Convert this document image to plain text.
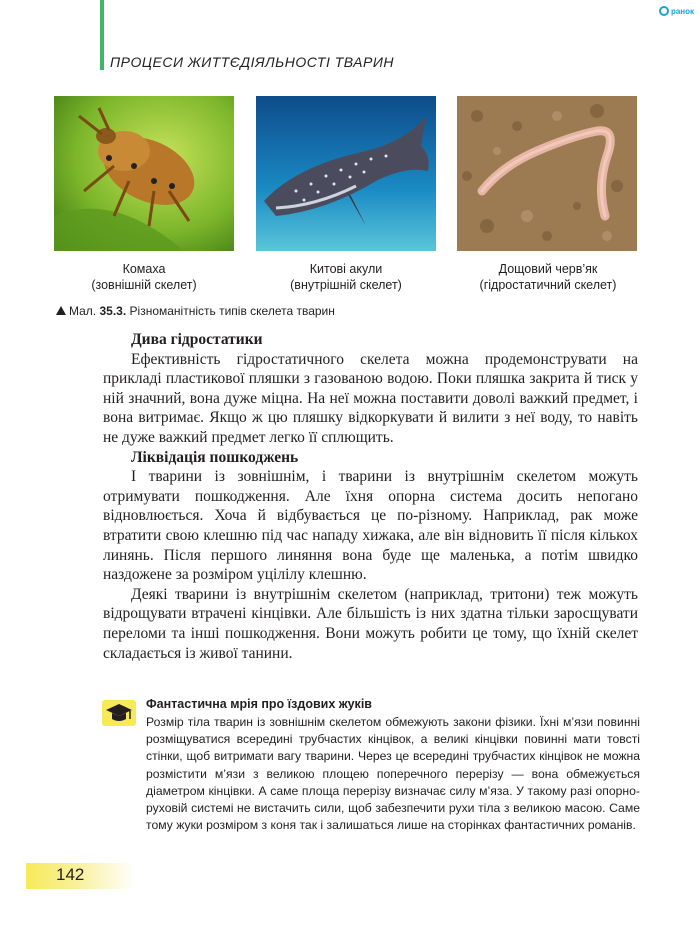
ПРОЦЕСИ ЖИТТЄДІЯЛЬНОСТІ ТВАРИН
ранок
Комаха
(зовнішній скелет)
Китові акули
(внутрішній скелет)
Дощовий черв’як
(гідростатичний скелет)
Мал. 35.3. Різноманітність типів скелета тварин
Дива гідростатики

Ефективність гідростатичного скелета можна продемонструвати на прикладі пластикової пляшки з газованою водою. Поки пляшка закрита й тиск у ній значний, вона дуже міцна. На неї можна поставити доволі важкий предмет, і вона витримає. Якщо ж цю пляшку відкоркувати й вилити з неї воду, то навіть не дуже важкий предмет легко її сплющить.

Ліквідація пошкоджень

І тварини із зовнішнім, і тварини із внутрішнім скелетом можуть отримувати пошкодження. Але їхня опорна система досить непогано відновлюється. Хоча й відбувається це по-різному. Наприклад, рак може втратити свою клешню під час нападу хижака, але він відновить її після кількох линянь. Після першого линяння вона буде ще маленька, а потім швидко наздожене за розміром уцілілу клешню.

Деякі тварини із внутрішнім скелетом (наприклад, тритони) теж можуть відрощувати втрачені кінцівки. Але більшість із них здатна тільки заросщувати переломи та інші пошкодження. Вони можуть робити це тому, що їхній скелет складається із живої танини.

Фантастична мрія про їздових жуків

Розмір тіла тварин із зовнішнім скелетом обмежують закони фізики. Їхні м’язи повинні розміщуватися всередині трубчастих кінцівок, а великі кінцівки повинні мати товсті стінки, щоб витримати вагу тварини. Через це всередині трубчастих кінцівок не можна розмістити м’язи з великою площею поперечного перерізу — вона обмежується діаметром кінцівки. А саме площа перерізу визначає силу м’яза. У такому разі опорно-руховій системі не вистачить сили, щоб забезпечити рухи тіла з великою масою. Саме тому жуки розміром з коня так і залишаться лише на сторінках фантастичних романів.

142
